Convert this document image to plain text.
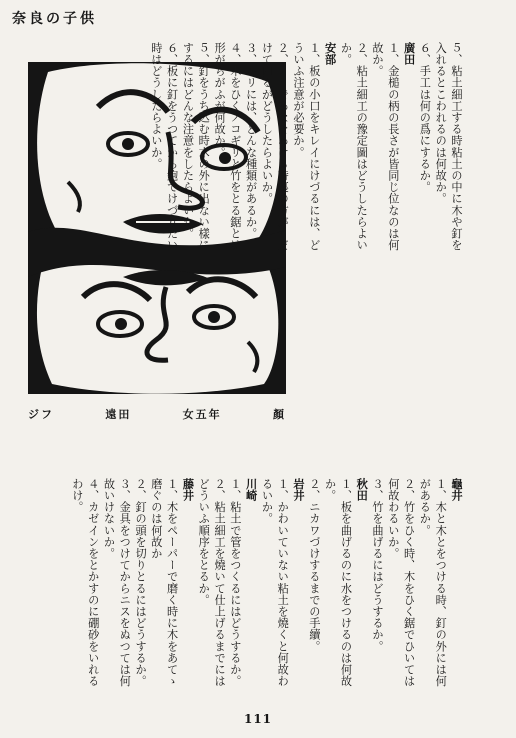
奈良の子供
ジフ	遠田	女五年	顏
５、粘土細工する時粘土の中に木や釘を
入れるとこわれるのは何故か。
６、手工は何の爲にするか。
廣田
１、金槌の柄の長さが皆同じ位なのは何
故か。
２、粘土細工の豫定圖はどうしたらよい
か。
安部
１、板の小口をキレイにけづるには、ど
ういふ注意が必要か。
２、ノミであなをあける時裏の方がくだ
けて困るがどうしたらよいか。
３、キリには、どんな種類があるか。
４、木をひくノコギリと竹をとる鋸とは
形がちがふが何故か。
５、釘をうち込む時木の外に出ない樣に
するにはどんな注意をしたらよいか。
６、板に釘をうつてから鉋でけづりたい
時はどうしたらよいか。
龜井
１、木と木とをつける時、釘の外には何
があるか。
２、竹をひく時、木をひく鋸でひいては
何故わるいか。
３、竹を曲げるにはどうするか。
秋田
１、板を曲げるのに水をつけるのは何故
か。
２、ニカワづけするまでの手續。
岩井
１、かわいていない粘土を燒くと何故わ
るいか。
川崎
１、粘土で管をつくるにはどうするか。
２、粘土細工を燒いて仕上げるまでには
どういふ順序をとるか。
藤井
１、木をペーパーで磨く時に木をあてゝ
磨ぐのは何故か
２、釘の頭を切りとるにはどうするか。
３、金具をつけてからニスをぬつては何
故いけないか。
４、カゼインをとかすのに硼砂をいれる
わけ。
111
